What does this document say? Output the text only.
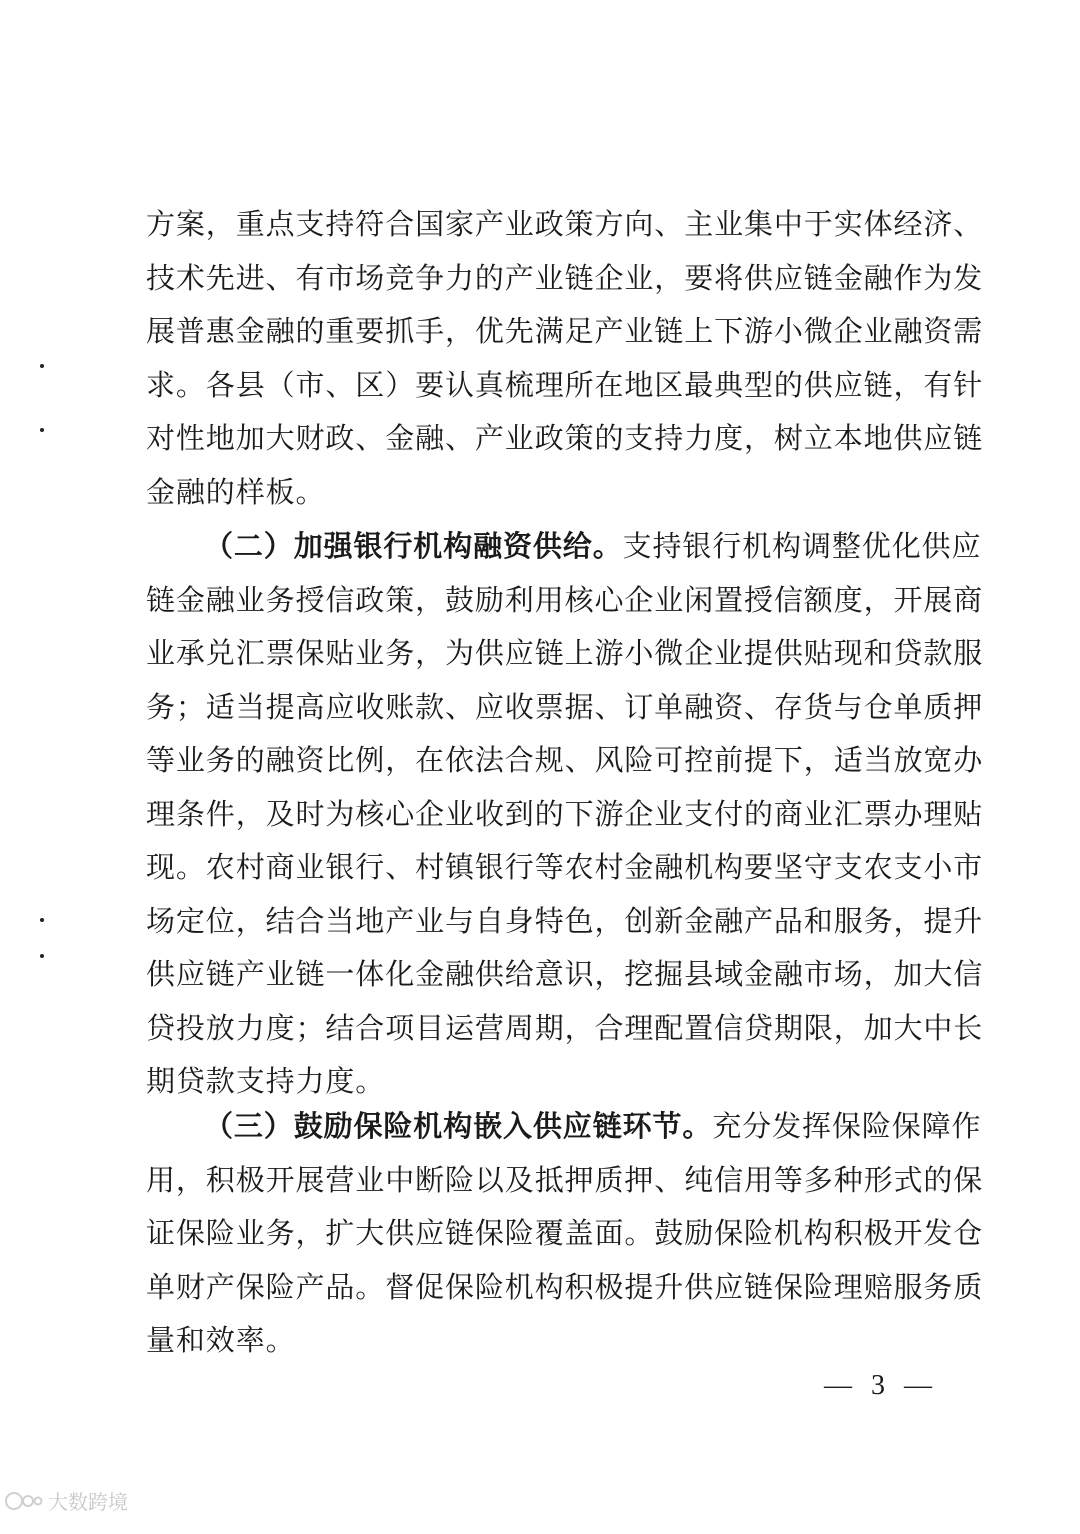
方案，重点支持符合国家产业政策方向、主业集中于实体经济、
技术先进、有市场竞争力的产业链企业，要将供应链金融作为发
展普惠金融的重要抓手，优先满足产业链上下游小微企业融资需
求。各县（市、区）要认真梳理所在地区最典型的供应链，有针
对性地加大财政、金融、产业政策的支持力度，树立本地供应链
金融的样板。
（二）加强银行机构融资供给。支持银行机构调整优化供应
链金融业务授信政策，鼓励利用核心企业闲置授信额度，开展商
业承兑汇票保贴业务，为供应链上游小微企业提供贴现和贷款服
务；适当提高应收账款、应收票据、订单融资、存货与仓单质押
等业务的融资比例，在依法合规、风险可控前提下，适当放宽办
理条件，及时为核心企业收到的下游企业支付的商业汇票办理贴
现。农村商业银行、村镇银行等农村金融机构要坚守支农支小市
场定位，结合当地产业与自身特色，创新金融产品和服务，提升
供应链产业链一体化金融供给意识，挖掘县域金融市场，加大信
贷投放力度；结合项目运营周期，合理配置信贷期限，加大中长
期贷款支持力度。
（三）鼓励保险机构嵌入供应链环节。充分发挥保险保障作
用，积极开展营业中断险以及抵押质押、纯信用等多种形式的保
证保险业务，扩大供应链保险覆盖面。鼓励保险机构积极开发仓
单财产保险产品。督促保险机构积极提升供应链保险理赔服务质
量和效率。
— 3 —
大数跨境
